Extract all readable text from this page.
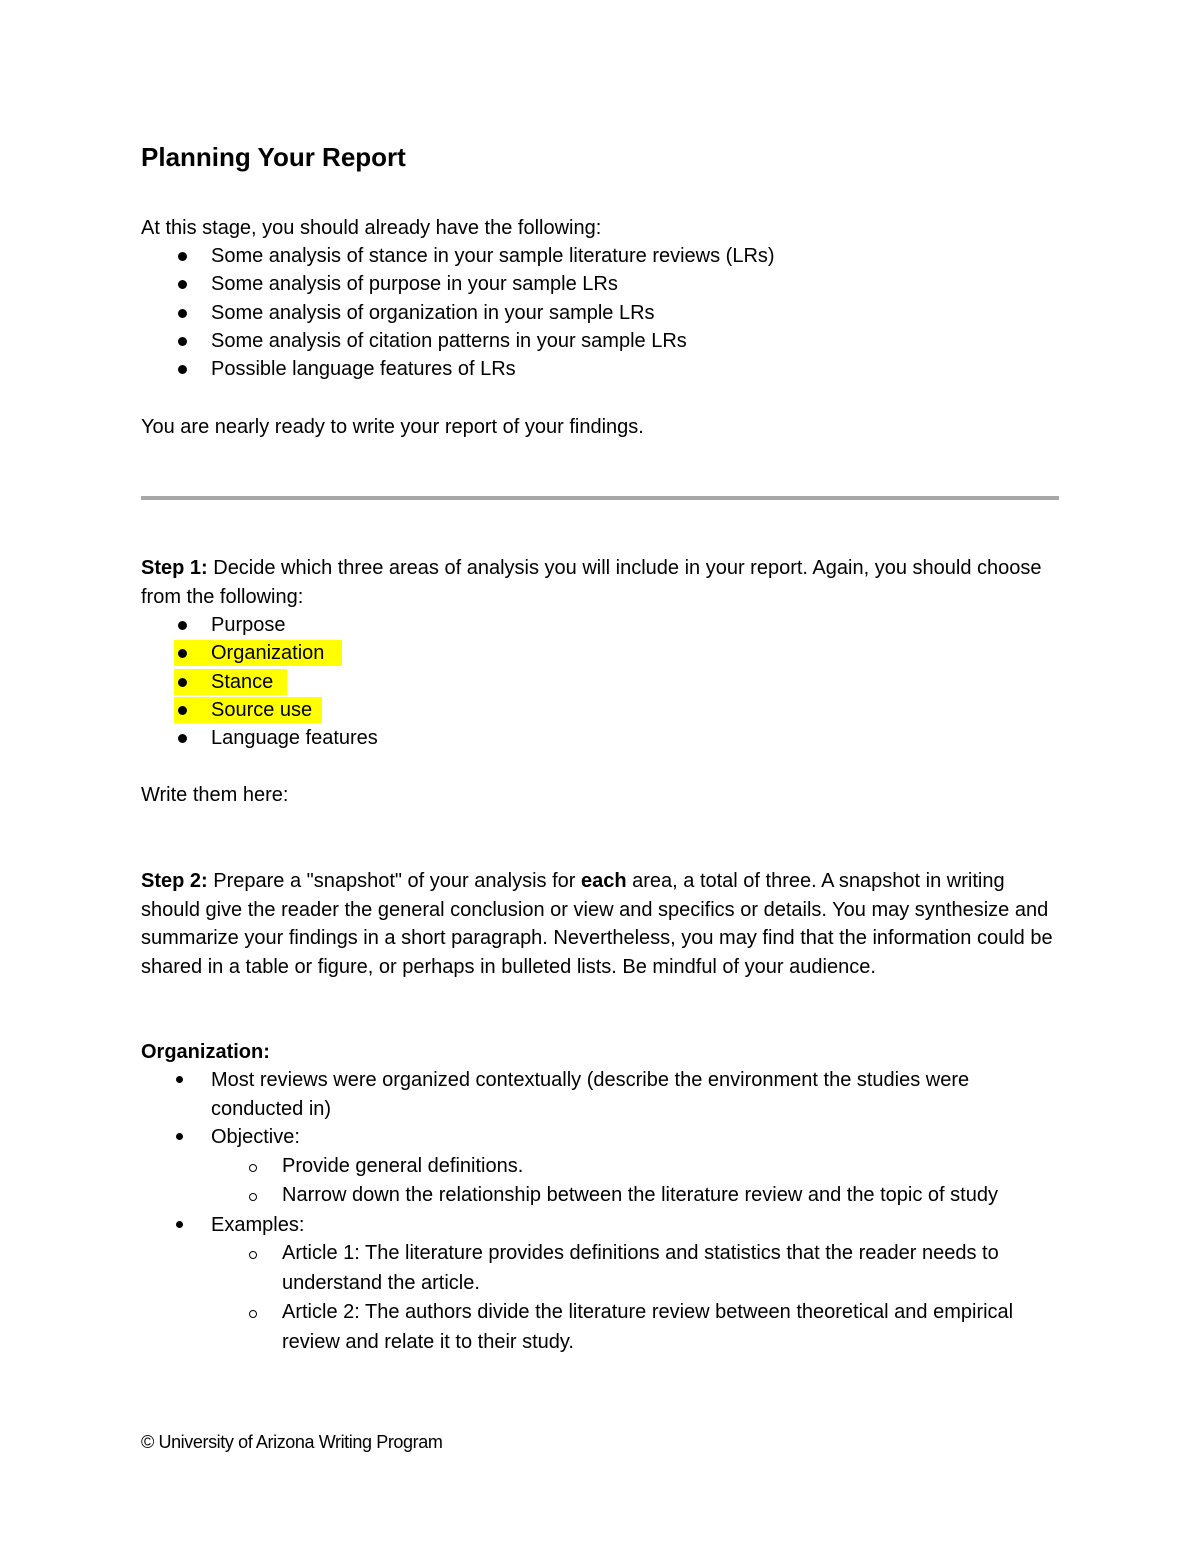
Planning Your Report

At this stage, you should already have the following:

Some analysis of stance in your sample literature reviews (LRs)
Some analysis of purpose in your sample LRs
Some analysis of organization in your sample LRs
Some analysis of citation patterns in your sample LRs
Possible language features of LRs

You are nearly ready to write your report of your findings.

Step 1: Decide which three areas of analysis you will include in your report. Again, you should choose from the following:

Purpose
Organization
Stance
Source use
Language features

Write them here:

Step 2: Prepare a "snapshot" of your analysis for each area, a total of three. A snapshot in writing should give the reader the general conclusion or view and specifics or details. You may synthesize and summarize your findings in a short paragraph. Nevertheless, you may find that the information could be shared in a table or figure, or perhaps in bulleted lists. Be mindful of your audience.

Organization:

Most reviews were organized contextually (describe the environment the studies were conducted in)
Objective:
Provide general definitions.
Narrow down the relationship between the literature review and the topic of study
Examples:
Article 1: The literature provides definitions and statistics that the reader needs to understand the article.
Article 2: The authors divide the literature review between theoretical and empirical review and relate it to their study.
© University of Arizona Writing Program
